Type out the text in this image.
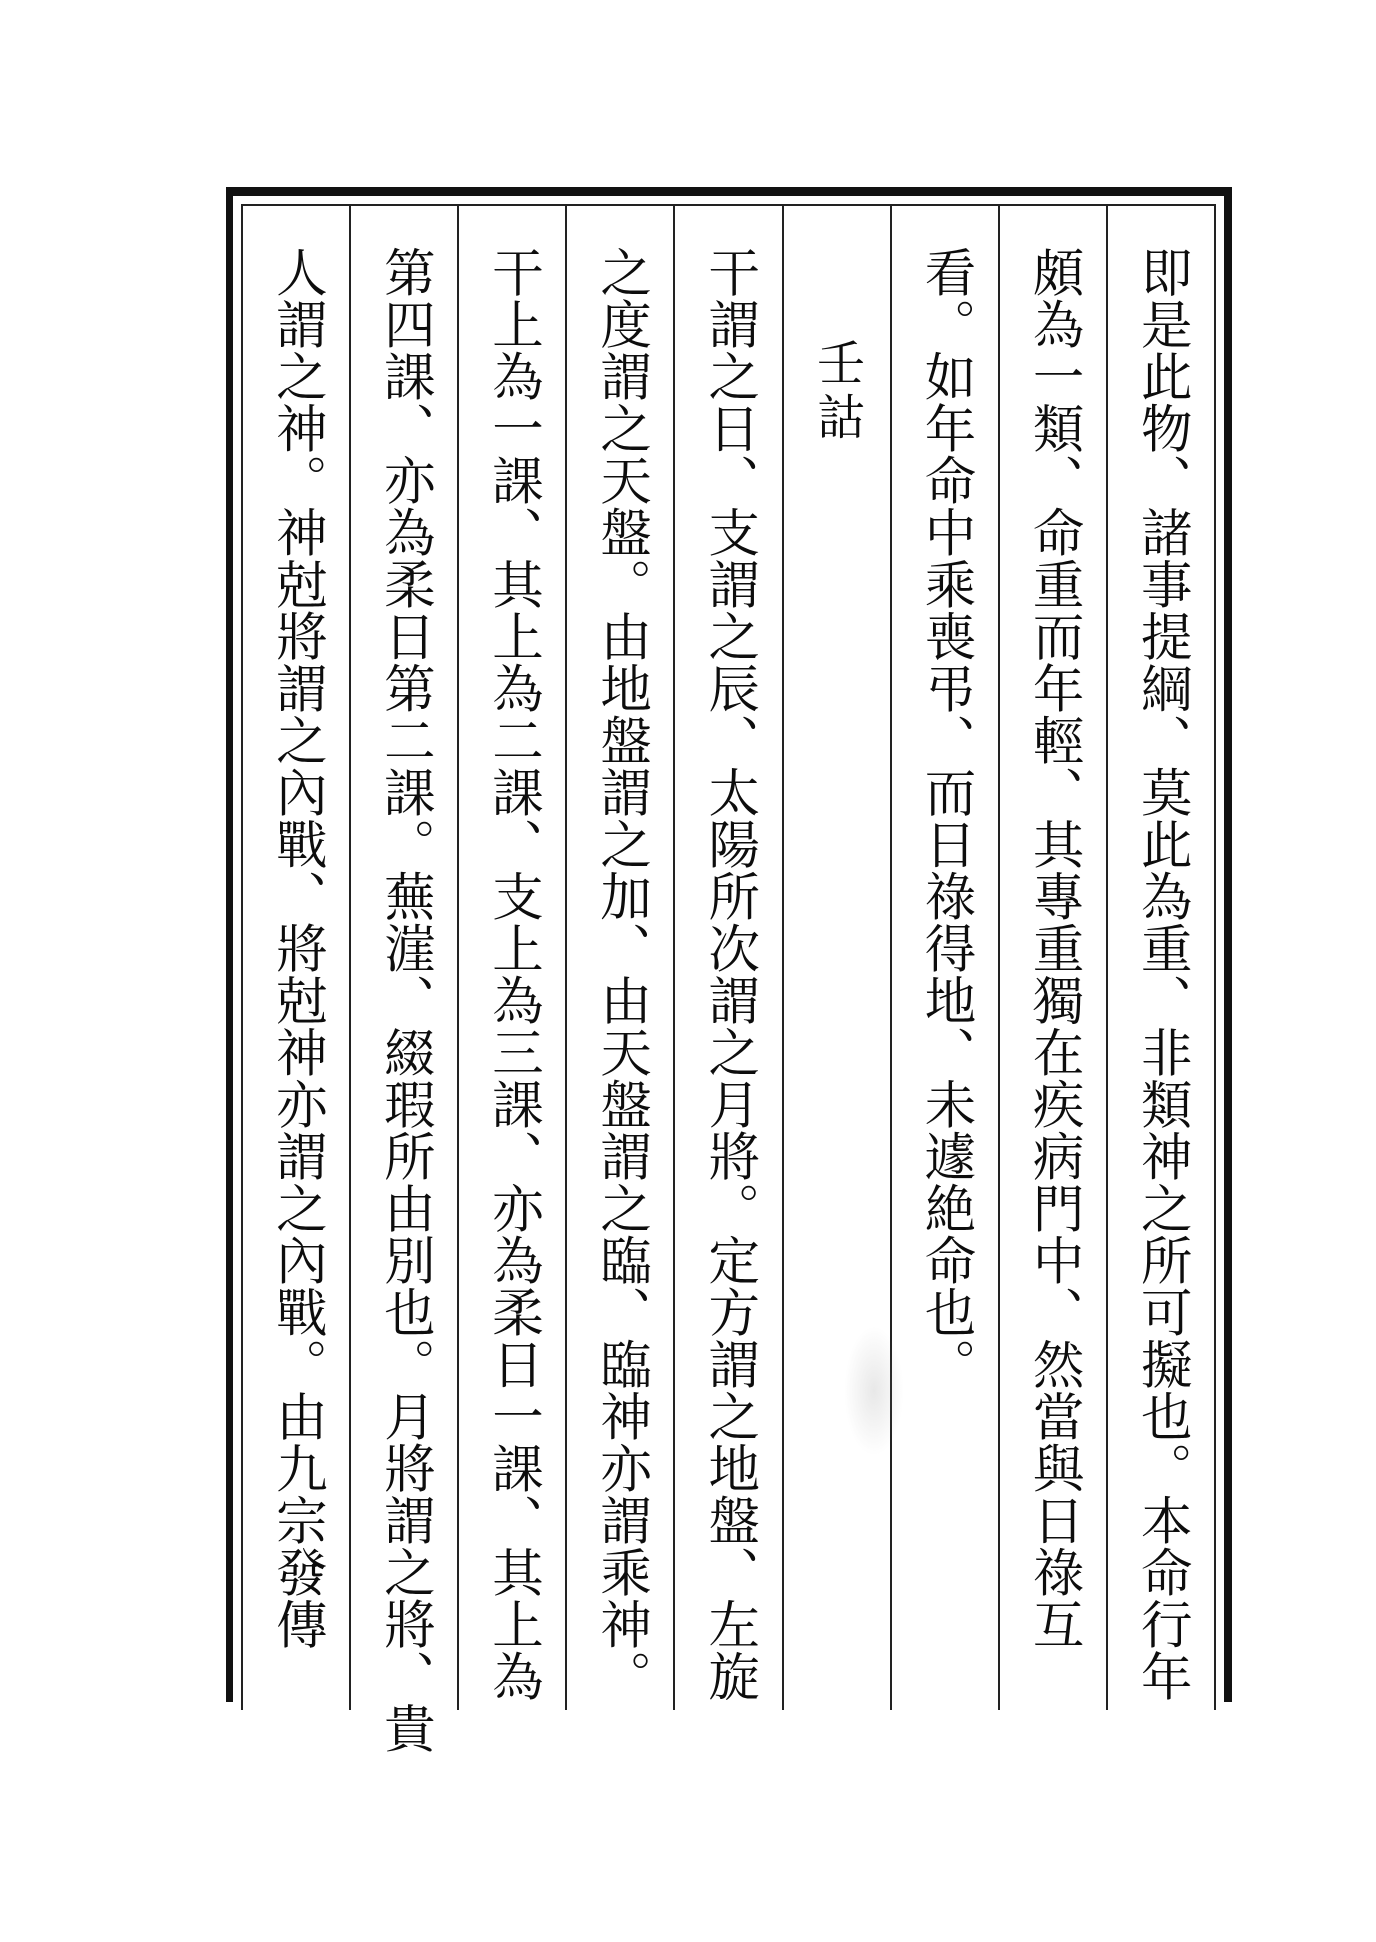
即是此物、諸事提綱、莫此為重、非類神之所可擬也。本命行年
頗為一類、命重而年輕、其專重獨在疾病門中、然當與日祿互
看。如年命中乘喪弔、而日祿得地、未遽絶命也。
壬詁
干謂之日、支謂之辰、太陽所次謂之月將。定方謂之地盤、左旋
之度謂之天盤。由地盤謂之加、由天盤謂之臨、臨神亦謂乘神。
干上為一課、其上為二課、支上為三課、亦為柔日一課、其上為
第四課、亦為柔日第二課。蕪漄、綴瑕所由別也。月將謂之將、貴
人謂之神。神尅將謂之內戰、將尅神亦謂之內戰。由九宗發傳
